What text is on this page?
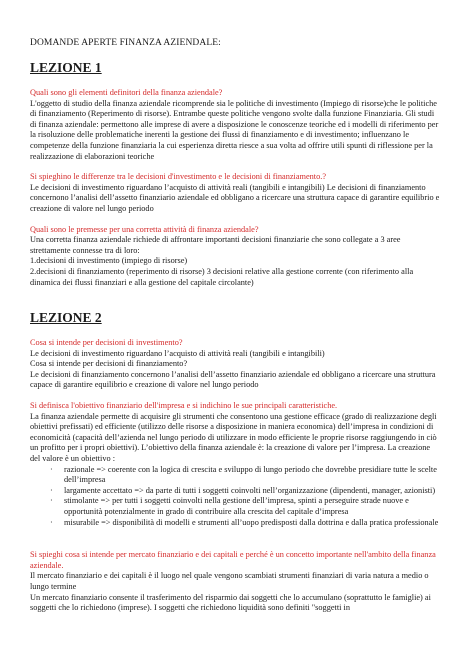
DOMANDE APERTE FINANZA AZIENDALE:
LEZIONE 1

Quali sono gli elementi definitori della finanza aziendale?

L'oggetto di studio della finanza aziendale ricomprende sia le politiche di investimento (Impiego di risorse)che le politiche di finanziamento (Reperimento di risorse). Entrambe queste politiche vengono svolte dalla funzione Finanziaria. Gli studi di finanza aziendale: permettono alle imprese di avere a disposizione le conoscenze teoriche ed i modelli di riferimento per la risoluzione delle problematiche inerenti la gestione dei flussi di finanziamento e di investimento; influenzano le competenze della funzione finanziaria la cui esperienza diretta riesce a sua volta ad offrire utili spunti di riflessione per la realizzazione di elaborazioni teoriche

Si spieghino le differenze tra le decisioni d'investimento e le decisioni di finanziamento.?

Le decisioni di investimento riguardano l’acquisto di attività reali (tangibili e intangibili) Le decisioni di finanziamento concernono l’analisi dell’assetto finanziario aziendale ed obbligano a ricercare una struttura capace di garantire equilibrio e creazione di valore nel lungo periodo

Quali sono le premesse per una corretta attività di finanza aziendale?

Una corretta finanza aziendale richiede di affrontare importanti decisioni finanziarie che sono collegate a 3 aree strettamente connesse tra di loro:

1.decisioni di investimento (impiego di risorse)

2.decisioni di finanziamento (reperimento di risorse) 3 decisioni relative alla gestione corrente (con riferimento alla dinamica dei flussi finanziari e alla gestione del capitale circolante)

LEZIONE 2

Cosa si intende per decisioni di investimento?

Le decisioni di investimento riguardano l’acquisto di attività reali (tangibili e intangibili)

Cosa si intende per decisioni di finanziamento?

Le decisioni di finanziamento concernono l’analisi dell’assetto finanziario aziendale ed obbligano a ricercare una struttura capace di garantire equilibrio e creazione di valore nel lungo periodo

Si definisca l'obiettivo finanziario dell'impresa e si indichino le sue principali caratteristiche.

La finanza aziendale permette di acquisire gli strumenti che consentono una gestione efficace (grado di realizzazione degli obiettivi prefissati) ed efficiente (utilizzo delle risorse a disposizione in maniera economica) dell’impresa in condizioni di economicità (capacità dell’azienda nel lungo periodo di utilizzare in modo efficiente le proprie risorse raggiungendo in ciò un profitto per i propri obiettivi). L’obiettivo della finanza aziendale è: la creazione di valore per l’impresa. La creazione del valore è un obiettivo :

· razionale => coerente con la logica di crescita e sviluppo di lungo periodo che dovrebbe presidiare tutte le scelte dell’impresa
· largamente accettato => da parte di tutti i soggetti coinvolti nell’organizzazione (dipendenti, manager, azionisti)
· stimolante => per tutti i soggetti coinvolti nella gestione dell’impresa, spinti a perseguire strade nuove e opportunità potenzialmente in grado di contribuire alla crescita del capitale d’impresa
· misurabile => disponibilità di modelli e strumenti all’uopo predisposti dalla dottrina e dalla pratica professionale

Si spieghi cosa si intende per mercato finanziario e dei capitali e perché è un concetto importante nell'ambito della finanza aziendale.

Il mercato finanziario e dei capitali è il luogo nel quale vengono scambiati strumenti finanziari di varia natura a medio o lungo termine

Un mercato finanziario consente il trasferimento del risparmio dai soggetti che lo accumulano (soprattutto le famiglie) ai soggetti che lo richiedono (imprese). I soggetti che richiedono liquidità sono definiti "soggetti in
